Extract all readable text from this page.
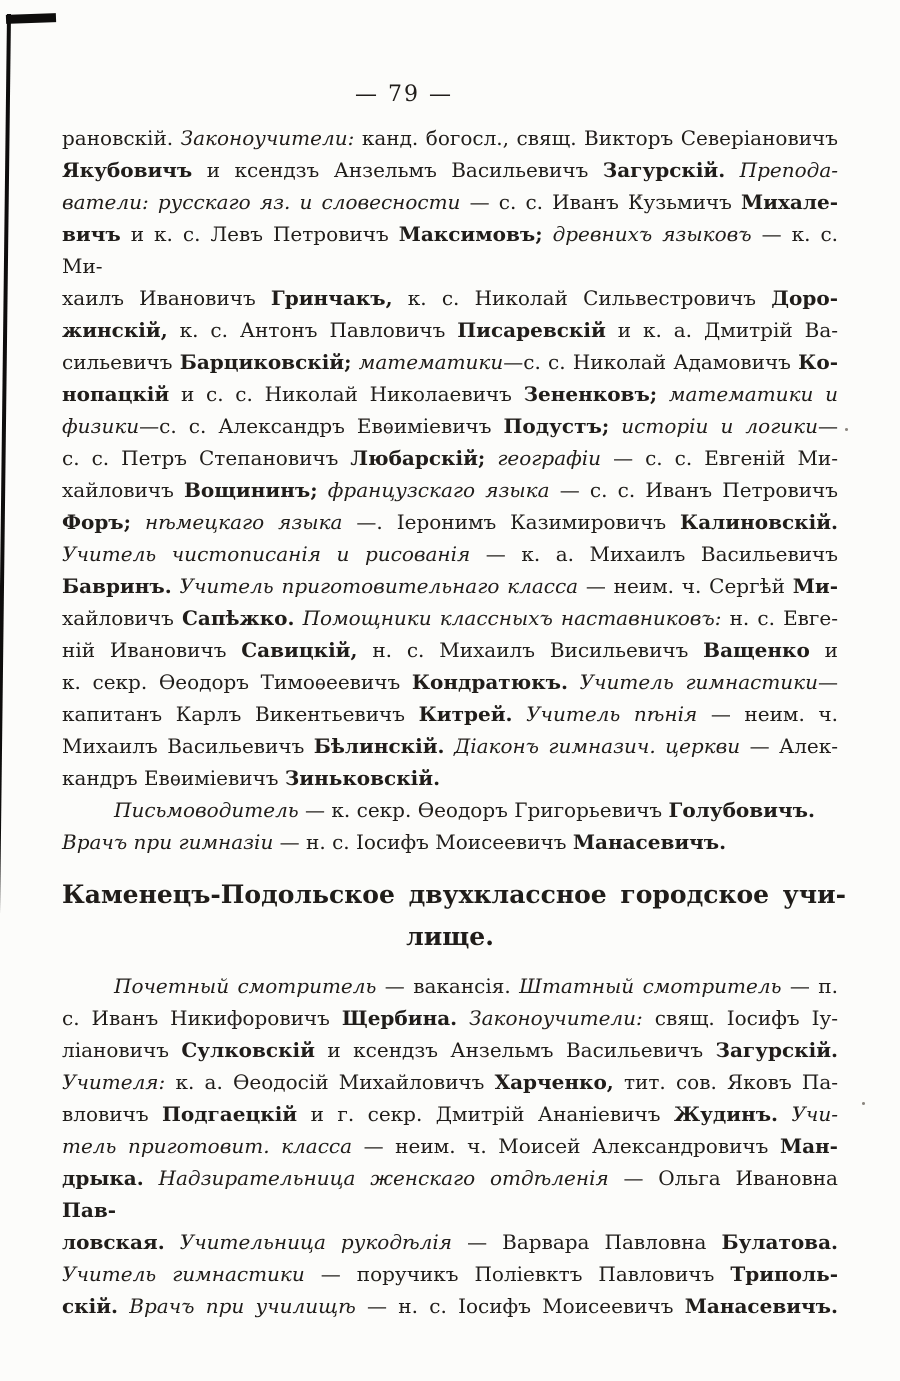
— 79 —
рановскій. Законоучители: канд. богосл., свящ. Викторъ Северіановичъ
Якубовичъ и ксендзъ Анзельмъ Васильевичъ Загурскій. Препода-
ватели: русскаго яз. и словесности — с. с. Иванъ Кузьмичъ Михале-
вичъ и к. с. Левъ Петровичъ Максимовъ; древнихъ языковъ — к. с. Ми-
хаилъ Ивановичъ Гринчакъ, к. с. Николай Сильвестровичъ Доро-
жинскій, к. с. Антонъ Павловичъ Писаревскій и к. а. Дмитрій Ва-
сильевичъ Барциковскій; математики—с. с. Николай Адамовичъ Ко-
нопацкій и с. с. Николай Николаевичъ Зененковъ; математики и
физики—с. с. Александръ Евѳиміевичъ Подустъ; исторіи и логики—
с. с. Петръ Степановичъ Любарскій; географіи — с. с. Евгеній Ми-
хайловичъ Вощининъ; французскаго языка — с. с. Иванъ Петровичъ
Форъ; нѣмецкаго языка —. Іеронимъ Казимировичъ Калиновскій.
Учитель чистописанія и рисованія — к. а. Михаилъ Васильевичъ
Бавринъ. Учитель приготовительнаго класса — неим. ч. Сергѣй Ми-
хайловичъ Сапѣжко. Помощники классныхъ наставниковъ: н. с. Евге-
ній Ивановичъ Савицкій, н. с. Михаилъ Висильевичъ Ващенко и
к. секр. Ѳеодоръ Тимоѳеевичъ Кондратюкъ. Учитель гимнастики—
капитанъ Карлъ Викентьевичъ Китрей. Учитель пѣнія — неим. ч.
Михаилъ Васильевичъ Бѣлинскій. Діаконъ гимназич. церкви — Алек-
кандръ Евѳиміевичъ Зиньковскій.
Письмоводитель — к. секр. Ѳеодоръ Григорьевичъ Голубовичъ.
Врачъ при гимназіи — н. с. Іосифъ Моисеевичъ Манасевичъ.
Каменецъ-Подольское двухклассное городское учи-
лище.
Почетный смотритель — вакансія. Штатный смотритель — п.
с. Иванъ Никифоровичъ Щербина. Законоучители: свящ. Іосифъ Іу-
ліановичъ Сулковскій и ксендзъ Анзельмъ Васильевичъ Загурскій.
Учителя: к. а. Ѳеодосій Михайловичъ Харченко, тит. сов. Яковъ Па-
вловичъ Подгаецкій и г. секр. Дмитрій Ананіевичъ Жудинъ. Учи-
тель приготовит. класса — неим. ч. Моисей Александровичъ Ман-
дрыка. Надзирательница женскаго отдѣленія — Ольга Ивановна Пав-
ловская. Учительница рукодѣлія — Варвара Павловна Булатова.
Учитель гимнастики — поручикъ Поліевктъ Павловичъ Триполь-
скій. Врачъ при училищѣ — н. с. Іосифъ Моисеевичъ Манасевичъ.
